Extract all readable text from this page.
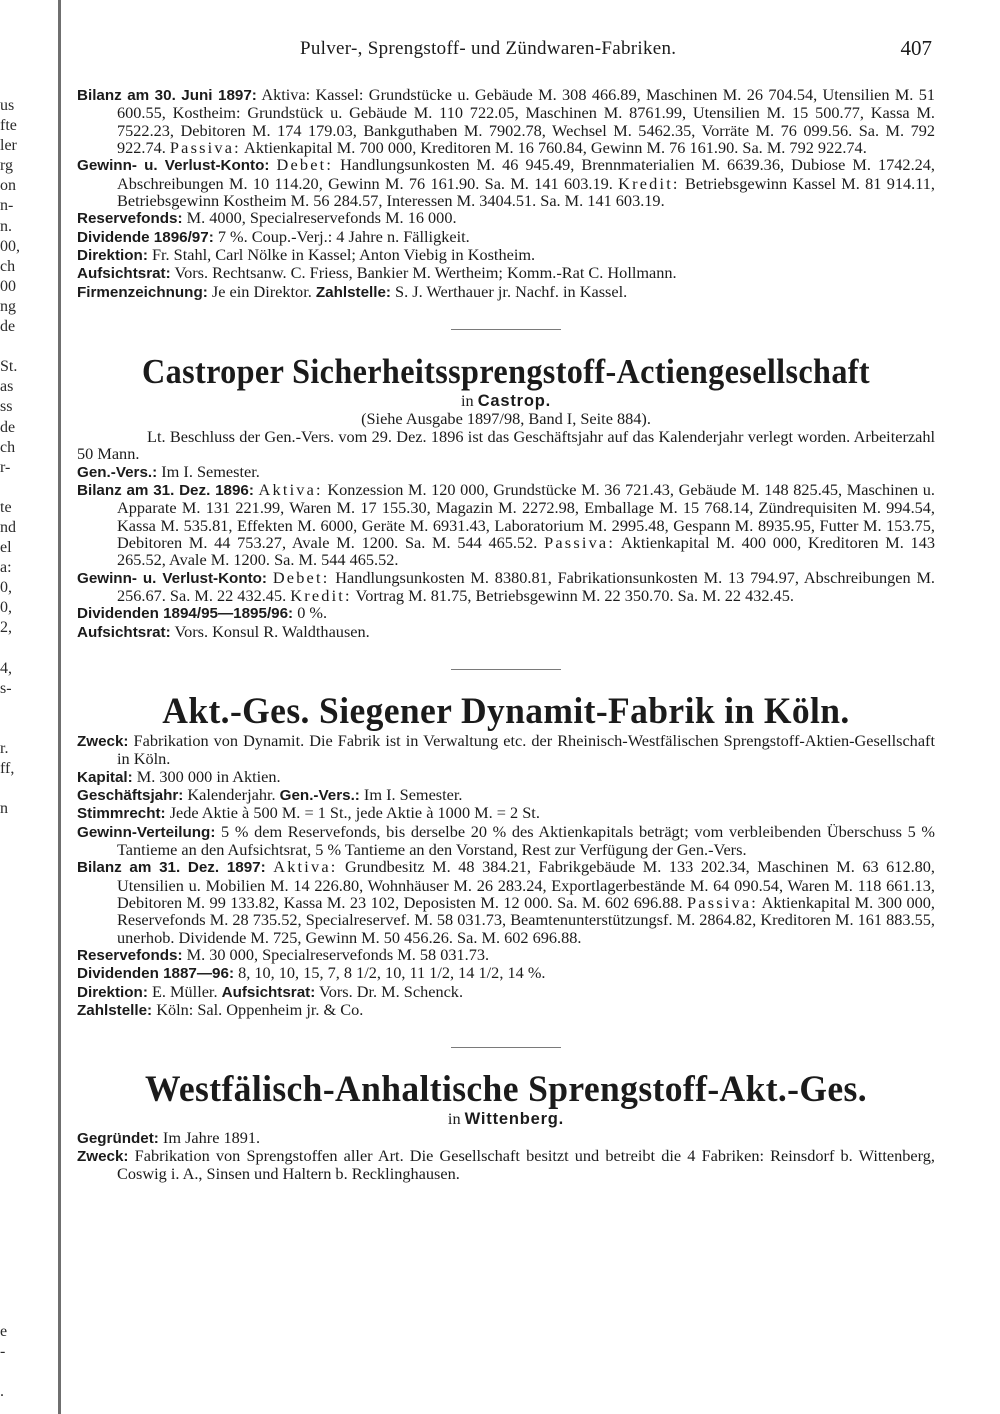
us
fte
ler
rg
on
n-
n.
00,
ch
00
ng
de

St.
as
ss
de
ch
r-

te
nd
el
a:
0,
0,
2,

4,
s-

r.
ff,

n

e
-

.
Pulver-, Sprengstoff- und Zündwaren-Fabriken.	407

Bilanz am 30. Juni 1897: Aktiva: Kassel: Grundstücke u. Gebäude M. 308 466.89, Maschinen M. 26 704.54, Utensilien M. 51 600.55, Kostheim: Grundstück u. Gebäude M. 110 722.05, Maschinen M. 8761.99, Utensilien M. 15 500.77, Kassa M. 7522.23, Debitoren M. 174 179.03, Bankguthaben M. 7902.78, Wechsel M. 5462.35, Vorräte M. 76 099.56. Sa. M. 792 922.74. Passiva: Aktienkapital M. 700 000, Kreditoren M. 16 760.84, Gewinn M. 76 161.90. Sa. M. 792 922.74.

Gewinn- u. Verlust-Konto: Debet: Handlungsunkosten M. 46 945.49, Brennmaterialien M. 6639.36, Dubiose M. 1742.24, Abschreibungen M. 10 114.20, Gewinn M. 76 161.90. Sa. M. 141 603.19. Kredit: Betriebsgewinn Kassel M. 81 914.11, Betriebsgewinn Kostheim M. 56 284.57, Interessen M. 3404.51. Sa. M. 141 603.19.

Reservefonds: M. 4000, Specialreservefonds M. 16 000.

Dividende 1896/97: 7 %. Coup.-Verj.: 4 Jahre n. Fälligkeit.

Direktion: Fr. Stahl, Carl Nölke in Kassel; Anton Viebig in Kostheim.

Aufsichtsrat: Vors. Rechtsanw. C. Friess, Bankier M. Wertheim; Komm.-Rat C. Hollmann.

Firmenzeichnung: Je ein Direktor. Zahlstelle: S. J. Werthauer jr. Nachf. in Kassel.

Castroper Sicherheitssprengstoff-Actiengesellschaft

in Castrop.

(Siehe Ausgabe 1897/98, Band I, Seite 884).

Lt. Beschluss der Gen.-Vers. vom 29. Dez. 1896 ist das Geschäftsjahr auf das Kalenderjahr verlegt worden. Arbeiterzahl 50 Mann.

Gen.-Vers.: Im I. Semester.

Bilanz am 31. Dez. 1896: Aktiva: Konzession M. 120 000, Grundstücke M. 36 721.43, Gebäude M. 148 825.45, Maschinen u. Apparate M. 131 221.99, Waren M. 17 155.30, Magazin M. 2272.98, Emballage M. 15 768.14, Zündrequisiten M. 994.54, Kassa M. 535.81, Effekten M. 6000, Geräte M. 6931.43, Laboratorium M. 2995.48, Gespann M. 8935.95, Futter M. 153.75, Debitoren M. 44 753.27, Avale M. 1200. Sa. M. 544 465.52. Passiva: Aktienkapital M. 400 000, Kreditoren M. 143 265.52, Avale M. 1200. Sa. M. 544 465.52.

Gewinn- u. Verlust-Konto: Debet: Handlungsunkosten M. 8380.81, Fabrikationsunkosten M. 13 794.97, Abschreibungen M. 256.67. Sa. M. 22 432.45. Kredit: Vortrag M. 81.75, Betriebsgewinn M. 22 350.70. Sa. M. 22 432.45.

Dividenden 1894/95—1895/96: 0 %.

Aufsichtsrat: Vors. Konsul R. Waldthausen.

Akt.-Ges. Siegener Dynamit-Fabrik in Köln.

Zweck: Fabrikation von Dynamit. Die Fabrik ist in Verwaltung etc. der Rheinisch-Westfälischen Sprengstoff-Aktien-Gesellschaft in Köln.

Kapital: M. 300 000 in Aktien.

Geschäftsjahr: Kalenderjahr. Gen.-Vers.: Im I. Semester.

Stimmrecht: Jede Aktie à 500 M. = 1 St., jede Aktie à 1000 M. = 2 St.

Gewinn-Verteilung: 5 % dem Reservefonds, bis derselbe 20 % des Aktienkapitals beträgt; vom verbleibenden Überschuss 5 % Tantieme an den Aufsichtsrat, 5 % Tantieme an den Vorstand, Rest zur Verfügung der Gen.-Vers.

Bilanz am 31. Dez. 1897: Aktiva: Grundbesitz M. 48 384.21, Fabrikgebäude M. 133 202.34, Maschinen M. 63 612.80, Utensilien u. Mobilien M. 14 226.80, Wohnhäuser M. 26 283.24, Exportlagerbestände M. 64 090.54, Waren M. 118 661.13, Debitoren M. 99 133.82, Kassa M. 23 102, Deposisten M. 12 000. Sa. M. 602 696.88. Passiva: Aktienkapital M. 300 000, Reservefonds M. 28 735.52, Specialreservef. M. 58 031.73, Beamtenunterstützungsf. M. 2864.82, Kreditoren M. 161 883.55, unerhob. Dividende M. 725, Gewinn M. 50 456.26. Sa. M. 602 696.88.

Reservefonds: M. 30 000, Specialreservefonds M. 58 031.73.

Dividenden 1887—96: 8, 10, 10, 15, 7, 8 1/2, 10, 11 1/2, 14 1/2, 14 %.

Direktion: E. Müller. Aufsichtsrat: Vors. Dr. M. Schenck.

Zahlstelle: Köln: Sal. Oppenheim jr. & Co.

Westfälisch-Anhaltische Sprengstoff-Akt.-Ges.

in Wittenberg.

Gegründet: Im Jahre 1891.

Zweck: Fabrikation von Sprengstoffen aller Art. Die Gesellschaft besitzt und betreibt die 4 Fabriken: Reinsdorf b. Wittenberg, Coswig i. A., Sinsen und Haltern b. Recklinghausen.
